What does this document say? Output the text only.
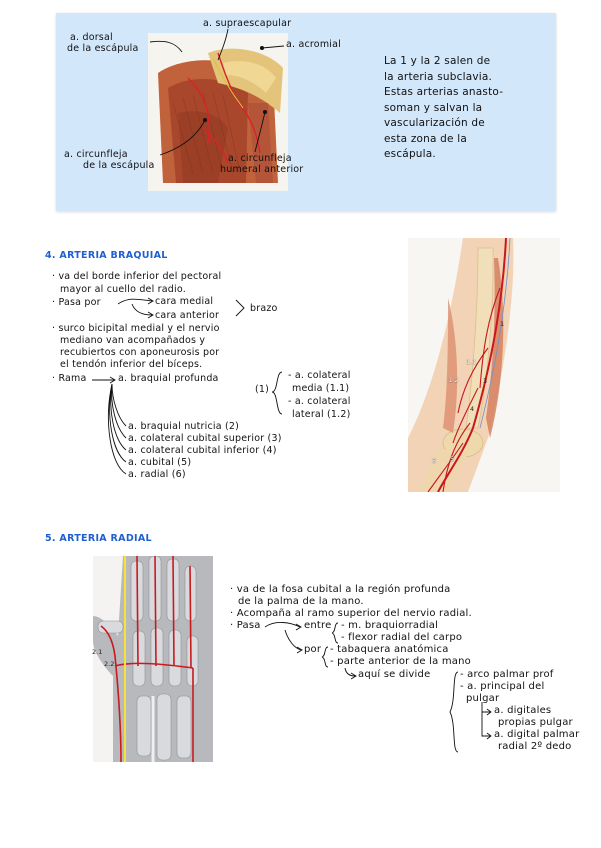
a. dorsal
de la escápula
a. supraescapular
a. acromial
a. circunfleja
de la escápula
a. circunfleja
humeral anterior
La 1 y la 2 salen de
la arteria subclavia.
Estas arterias anasto-
soman y salvan la
vascularización de
esta zona de la
escápula.
4. ARTERIA BRAQUIAL
· va del borde inferior del pectoral
mayor al cuello del radio.
· Pasa por	cara medial
cara anterior
brazo
· surco bicipital medial y el nervio
mediano van acompañados y
recubiertos con aponeurosis por
el tendón inferior del bíceps.
· Rama	a. braquial profunda
(1)
- a. colateral
media (1.1)
- a. colateral
lateral (1.2)
a. braquial nutricia (2)
a. colateral cubital superior (3)
a. colateral cubital inferior (4)
a. cubital (5)
a. radial (6)
1
1.1
1.2	3
4
5
6
5. ARTERIA RADIAL
2.1
2.2
· va de la fosa cubital a la región profunda
de la palma de la mano.
· Acompaña al ramo superior del nervio radial.
· Pasa	entre - m. braquiorradial
- flexor radial del carpo
por - tabaquera anatómica
- parte anterior de la mano
aquí se divide	- arco palmar prof
- a. principal del
pulgar
a. digitales
propias pulgar
a. digital palmar
radial 2º dedo
